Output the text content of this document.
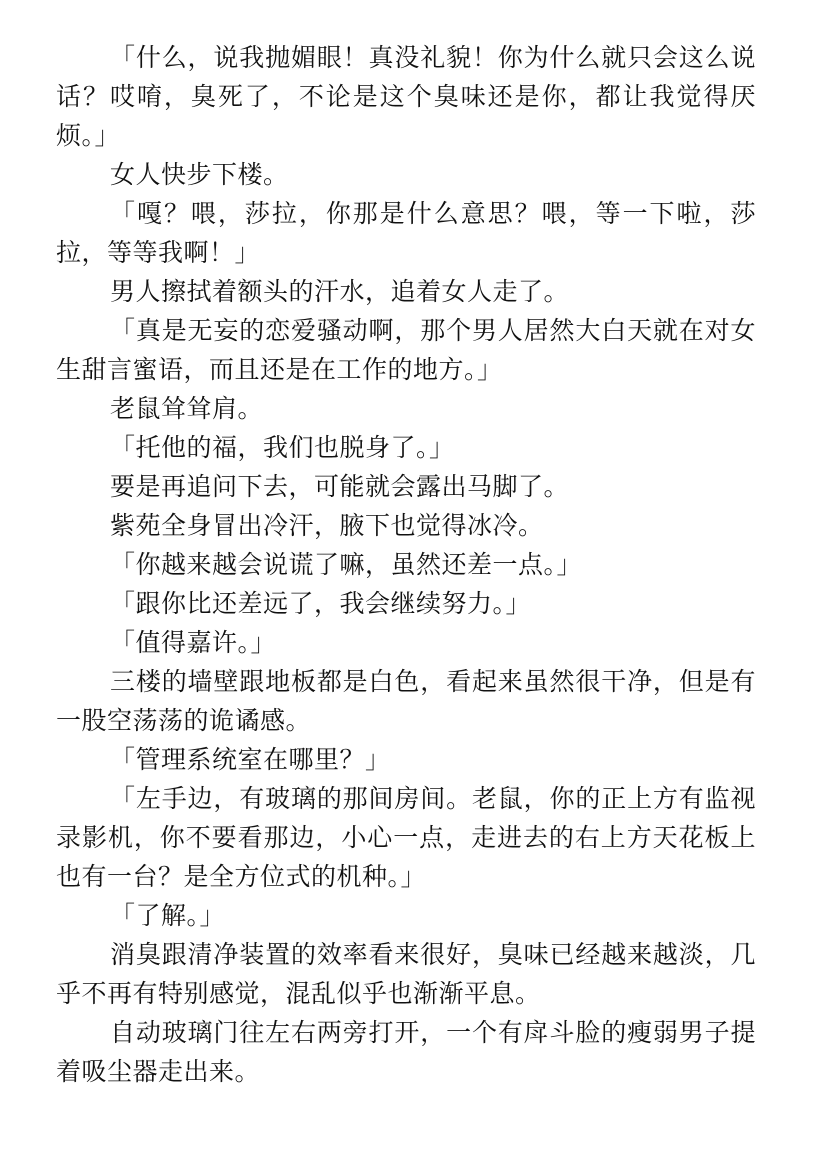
「什么，说我抛媚眼！真没礼貌！你为什么就只会这么说话？哎唷，臭死了，不论是这个臭味还是你，都让我觉得厌烦。」

女人快步下楼。

「嘎？喂，莎拉，你那是什么意思？喂，等一下啦，莎拉，等等我啊！」

男人擦拭着额头的汗水，追着女人走了。

「真是无妄的恋爱骚动啊，那个男人居然大白天就在对女生甜言蜜语，而且还是在工作的地方。」

老鼠耸耸肩。

「托他的福，我们也脱身了。」

要是再追问下去，可能就会露出马脚了。

紫苑全身冒出冷汗，腋下也觉得冰冷。

「你越来越会说谎了嘛，虽然还差一点。」

「跟你比还差远了，我会继续努力。」

「值得嘉许。」

三楼的墙壁跟地板都是白色，看起来虽然很干净，但是有一股空荡荡的诡谲感。

「管理系统室在哪里？」

「左手边，有玻璃的那间房间。老鼠，你的正上方有监视录影机，你不要看那边，小心一点，走进去的右上方天花板上也有一台？是全方位式的机种。」

「了解。」

消臭跟清净装置的效率看来很好，臭味已经越来越淡，几乎不再有特别感觉，混乱似乎也渐渐平息。

自动玻璃门往左右两旁打开，一个有戽斗脸的瘦弱男子提着吸尘器走出来。
